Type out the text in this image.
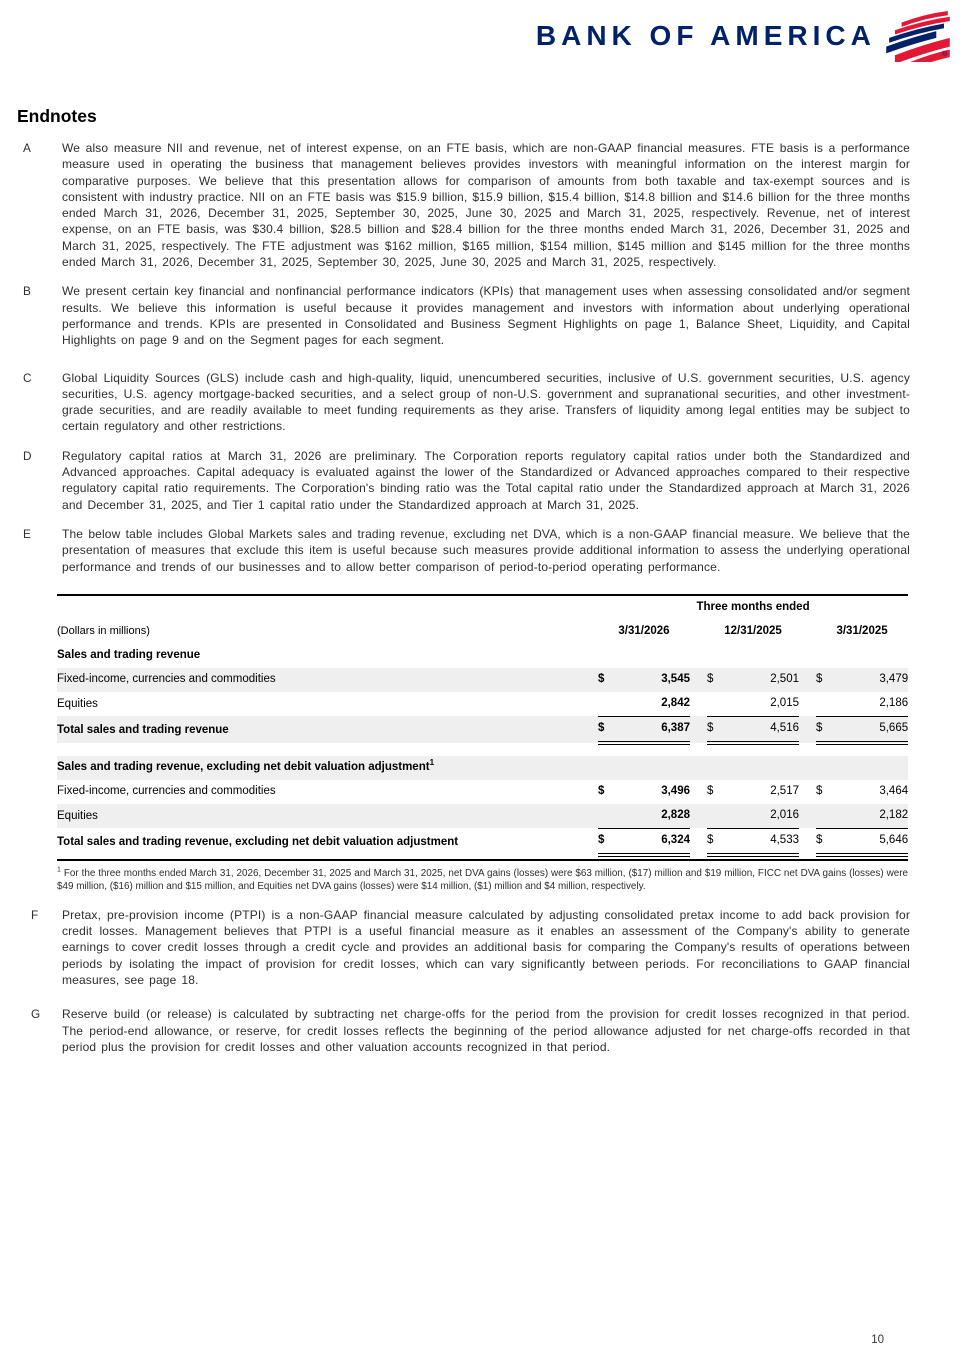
BANK OF AMERICA
®
Endnotes
A	We also measure NII and revenue, net of interest expense, on an FTE basis, which are non-GAAP financial measures. FTE basis is a performance measure used in operating the business that management believes provides investors with meaningful information on the interest margin for comparative purposes. We believe that this presentation allows for comparison of amounts from both taxable and tax-exempt sources and is consistent with industry practice. NII on an FTE basis was $15.9 billion, $15.9 billion, $15.4 billion, $14.8 billion and $14.6 billion for the three months ended March 31, 2026, December 31, 2025, September 30, 2025, June 30, 2025 and March 31, 2025, respectively. Revenue, net of interest expense, on an FTE basis, was $30.4 billion, $28.5 billion and $28.4 billion for the three months ended March 31, 2026, December 31, 2025 and March 31, 2025, respectively. The FTE adjustment was $162 million, $165 million, $154 million, $145 million and $145 million for the three months ended March 31, 2026, December 31, 2025, September 30, 2025, June 30, 2025 and March 31, 2025, respectively.

B	We present certain key financial and nonfinancial performance indicators (KPIs) that management uses when assessing consolidated and/or segment results. We believe this information is useful because it provides management and investors with information about underlying operational performance and trends. KPIs are presented in Consolidated and Business Segment Highlights on page 1, Balance Sheet, Liquidity, and Capital Highlights on page 9 and on the Segment pages for each segment.

C	Global Liquidity Sources (GLS) include cash and high-quality, liquid, unencumbered securities, inclusive of U.S. government securities, U.S. agency securities, U.S. agency mortgage-backed securities, and a select group of non-U.S. government and supranational securities, and other investment-grade securities, and are readily available to meet funding requirements as they arise. Transfers of liquidity among legal entities may be subject to certain regulatory and other restrictions.

D	Regulatory capital ratios at March 31, 2026 are preliminary. The Corporation reports regulatory capital ratios under both the Standardized and Advanced approaches. Capital adequacy is evaluated against the lower of the Standardized or Advanced approaches compared to their respective regulatory capital ratio requirements. The Corporation's binding ratio was the Total capital ratio under the Standardized approach at March 31, 2026 and December 31, 2025, and Tier 1 capital ratio under the Standardized approach at March 31, 2025.

E	The below table includes Global Markets sales and trading revenue, excluding net DVA, which is a non-GAAP financial measure. We believe that the presentation of measures that exclude this item is useful because such measures provide additional information to assess the underlying operational performance and trends of our businesses and to allow better comparison of period-to-period operating performance.

	Three months ended							
(Dollars in millions)	3/31/2026			12/31/2025			3/31/2025	
Sales and trading revenue								
Fixed-income, currencies and commodities	$	3,545		$	2,501		$	3,479
Equities		2,842			2,015			2,186
Total sales and trading revenue	$	6,387		$	4,516		$	5,665

Sales and trading revenue, excluding net debit valuation adjustment$^1$
Fixed-income, currencies and commodities	$	3,496		$	2,517		$	3,464
Equities		2,828			2,016			2,182
Total sales and trading revenue, excluding net debit valuation adjustment	$	6,324		$	4,533		$	5,646

$^1$ For the three months ended March 31, 2026, December 31, 2025 and March 31, 2025, net DVA gains (losses) were $63 million, ($17) million and $19 million, FICC net DVA gains (losses) were $49 million, ($16) million and $15 million, and Equities net DVA gains (losses) were $14 million, ($1) million and $4 million, respectively.

F	Pretax, pre-provision income (PTPI) is a non-GAAP financial measure calculated by adjusting consolidated pretax income to add back provision for credit losses. Management believes that PTPI is a useful financial measure as it enables an assessment of the Company's ability to generate earnings to cover credit losses through a credit cycle and provides an additional basis for comparing the Company's results of operations between periods by isolating the impact of provision for credit losses, which can vary significantly between periods. For reconciliations to GAAP financial measures, see page 18.

G	Reserve build (or release) is calculated by subtracting net charge-offs for the period from the provision for credit losses recognized in that period. The period-end allowance, or reserve, for credit losses reflects the beginning of the period allowance adjusted for net charge-offs recorded in that period plus the provision for credit losses and other valuation accounts recognized in that period.

10
